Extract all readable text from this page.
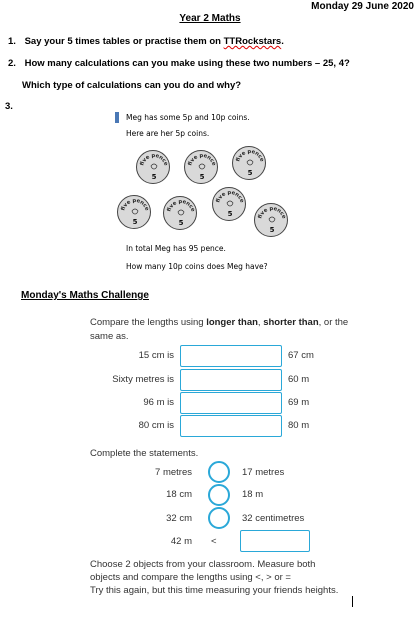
Monday 29 June 2020
Year 2 Maths
1. Say your 5 times tables or practise them on TTRockstars.
2. How many calculations can you make using these two numbers – 25, 4?
Which type of calculations can you do and why?
3.
Meg has some 5p and 10p coins.
Here are her 5p coins.
five pence
5
five pence
5
five pence
5
five pence
5
five pence
5
five pence
5	five pence
5
In total Meg has 95 pence.
How many 10p coins does Meg have?
Monday's Maths Challenge
Compare the lengths using longer than, shorter than, or the
same as.
15 cm is	67 cm
Sixty metres is	60 m
96 m is	69 m
80 cm is	80 m
Complete the statements.
7 metres	17 metres
18 cm	18 m
32 cm	32 centimetres
42 m <
Choose 2 objects from your classroom. Measure both
objects and compare the lengths using <, > or =
Try this again, but this time measuring your friends heights.
